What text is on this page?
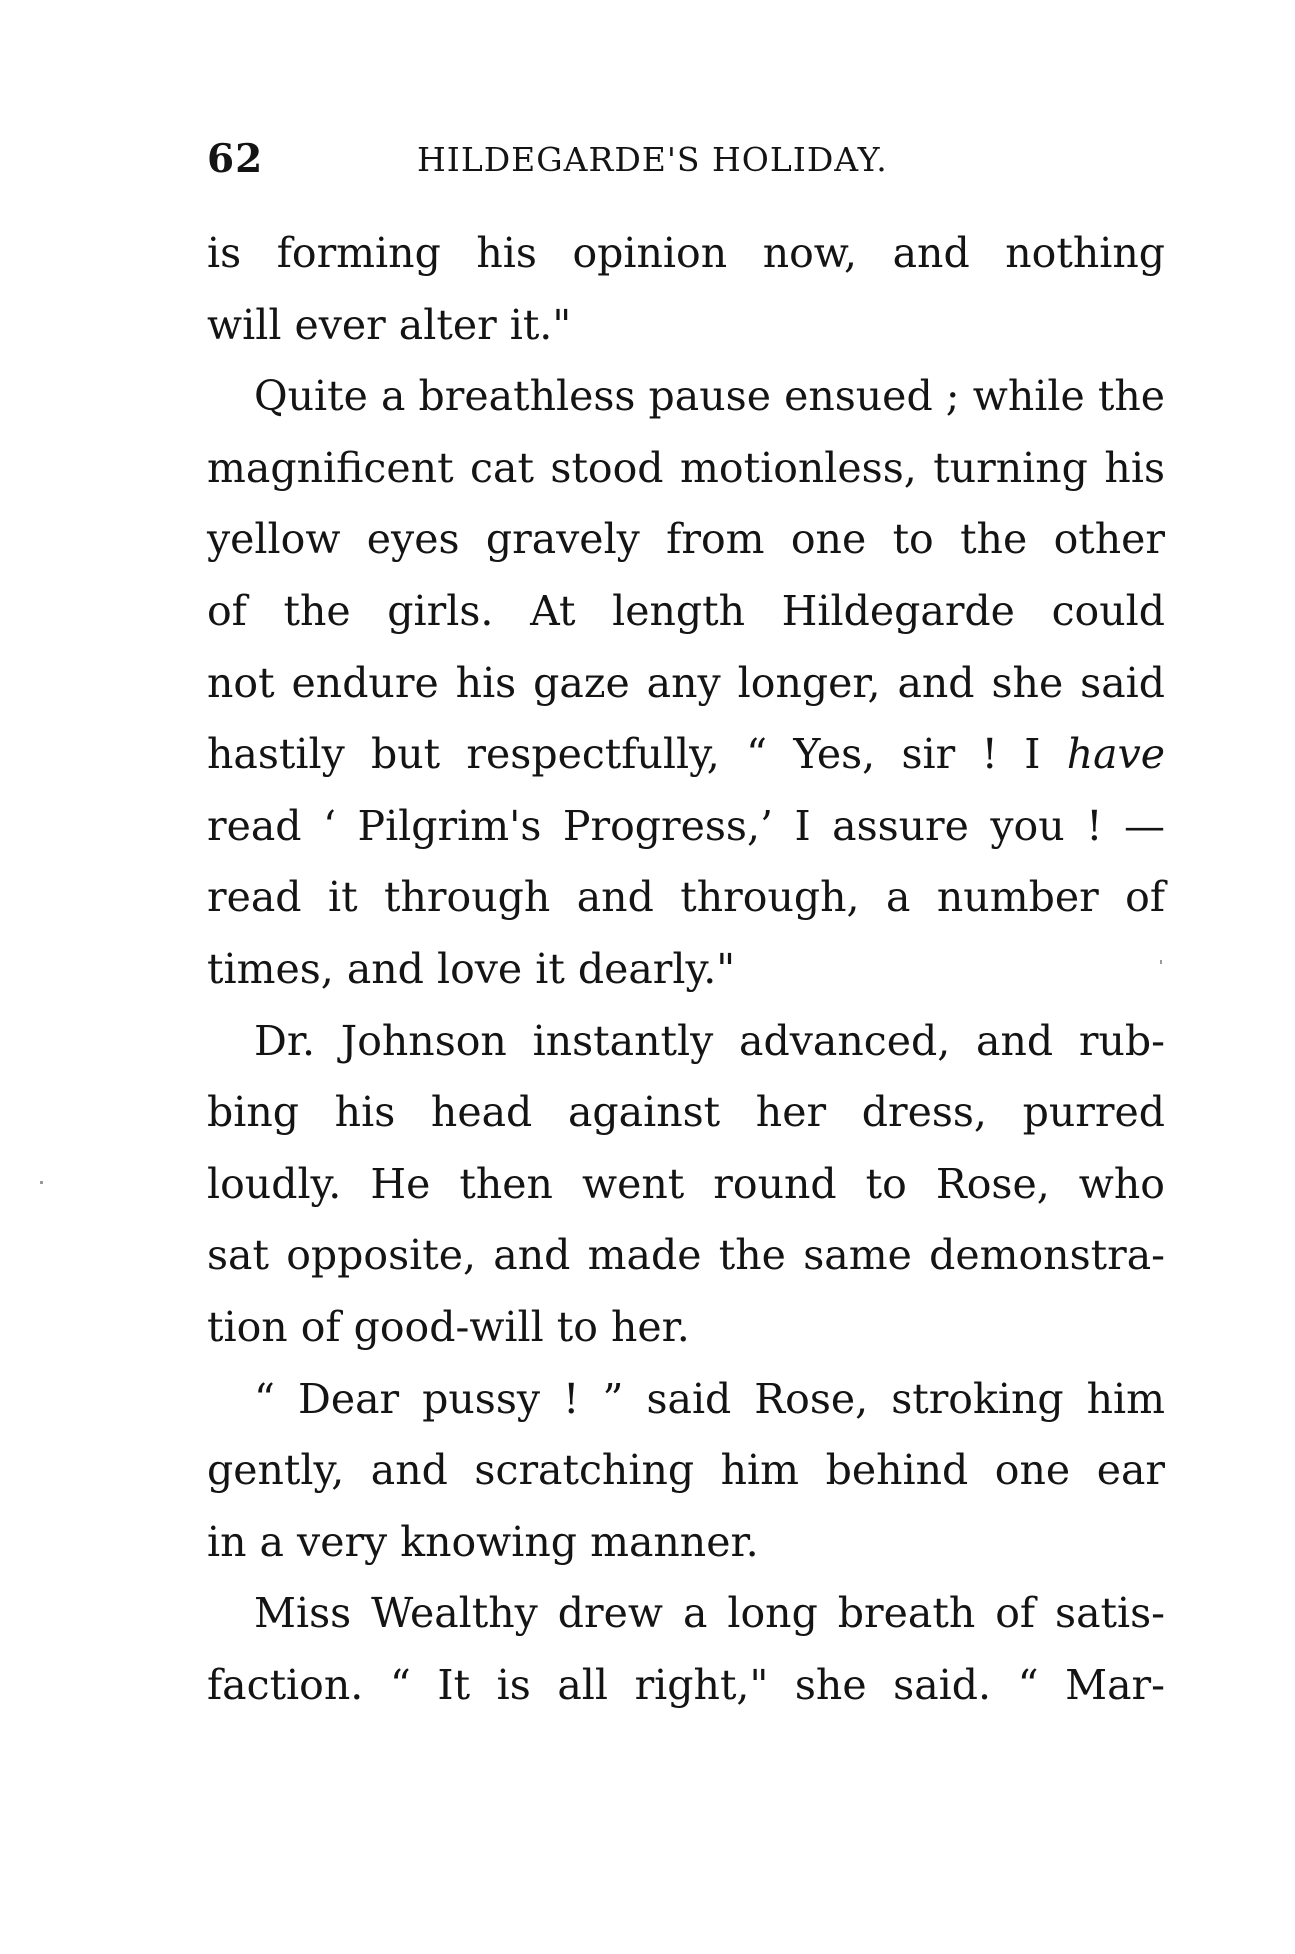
62	HILDEGARDE'S HOLIDAY.
is forming his opinion now, and nothing
will ever alter it."
Quite a breathless pause ensued ; while the
magnificent cat stood motionless, turning his
yellow eyes gravely from one to the other
of the girls. At length Hildegarde could
not endure his gaze any longer, and she said
hastily but respectfully, “ Yes, sir ! I have
read ‘ Pilgrim's Progress,’ I assure you ! —
read it through and through, a number of
times, and love it dearly."
Dr. Johnson instantly advanced, and rub-
bing his head against her dress, purred
loudly. He then went round to Rose, who
sat opposite, and made the same demonstra-
tion of good-will to her.
“ Dear pussy ! ” said Rose, stroking him
gently, and scratching him behind one ear
in a very knowing manner.
Miss Wealthy drew a long breath of satis-
faction. “ It is all right," she said. “ Mar-
